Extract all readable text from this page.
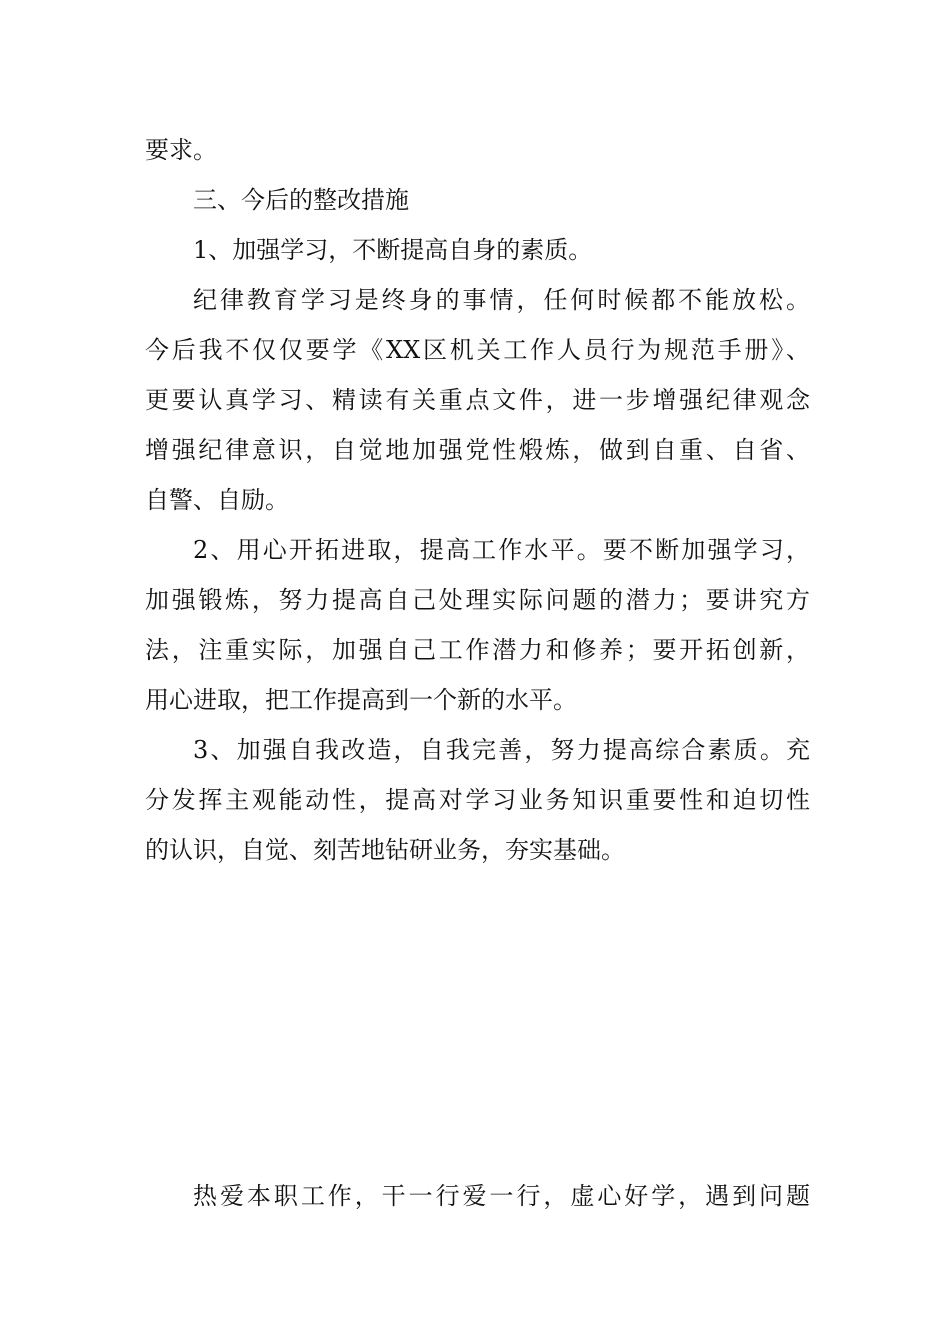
要求。
三、今后的整改措施
1、加强学习，不断提高自身的素质。
纪律教育学习是终身的事情，任何时候都不能放松。
今后我不仅仅要学《XX区机关工作人员行为规范手册》、
更要认真学习、精读有关重点文件，进一步增强纪律观念
增强纪律意识，自觉地加强党性煅炼，做到自重、自省、
自警、自励。
2、用心开拓进取，提高工作水平。要不断加强学习，
加强锻炼，努力提高自己处理实际问题的潜力；要讲究方
法，注重实际，加强自己工作潜力和修养；要开拓创新，
用心进取，把工作提高到一个新的水平。
3、加强自我改造，自我完善，努力提高综合素质。充
分发挥主观能动性，提高对学习业务知识重要性和迫切性
的认识，自觉、刻苦地钻研业务，夯实基础。
热爱本职工作，干一行爱一行，虚心好学，遇到问题
